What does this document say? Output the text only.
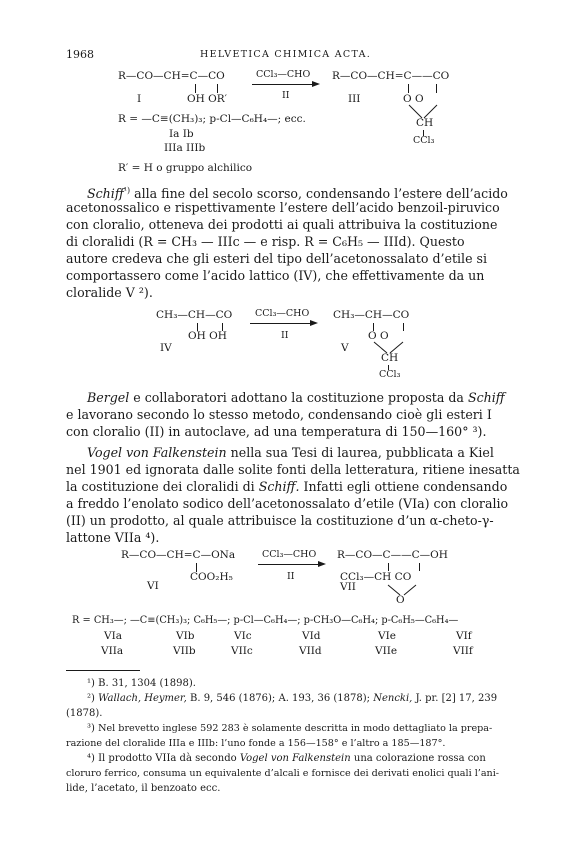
1968	HELVETICA CHIMICA ACTA.
R—CO—CH=C—CO
OH OR′
I
CCl₃—CHO
II
R—CO—CH=C——CO
O O
III
CH
CCl₃
R = —C≡(CH₃)₃; p-Cl—C₆H₄—; ecc.
Ia Ib
IIIa IIIb
R′ = H o gruppo alchilico
Schiff$^{^1)}$ alla fine del secolo scorso, condensando l’estere dell’acido
acetonossalico e rispettivamente l’estere dell’acido benzoil-piruvico
con cloralio, otteneva dei prodotti ai quali attribuiva la costituzione
di cloralidi (R = CH₃ — IIIc — e risp. R = C₆H₅ — IIId). Questo
autore credeva che gli esteri del tipo dell’acetonossalato d’etile si
comportassero come l’acido lattico (IV), che effettivamente da un
cloralide V ²).
CH₃—CH—CO
OH OH
IV
CCl₃—CHO
II
CH₃—CH—CO
O O
V
CH
CCl₃
Bergel e collaboratori adottano la costituzione proposta da Schiff
e lavorano secondo lo stesso metodo, condensando cioè gli esteri I
con cloralio (II) in autoclave, ad una temperatura di 150—160° ³).
Vogel von Falkenstein nella sua Tesi di laurea, pubblicata a Kiel
nel 1901 ed ignorata dalle solite fonti della letteratura, ritiene inesatta
la costituzione dei cloralidi di Schiff. Infatti egli ottiene condensando
a freddo l’enolato sodico dell’acetonossalato d’etile (VIa) con cloralio
(II) un prodotto, al quale attribuisce la costituzione d’un α-cheto-γ-
lattone VIIa ⁴).
R—CO—CH=C—ONa
COO₂H₅
VI
CCl₃—CHO
II
R—CO—C——C—OH
CCl₃—CH CO
VII
O
R = CH₃—; —C≡(CH₃)₃; C₆H₅—; p-Cl—C₆H₄—; p-CH₃O—C₆H₄; p-C₆H₅—C₆H₄—
VIa	VIb	VIc	VId	VIe	VIf
VIIa	VIIb	VIIc	VIId	VIIe	VIIf
¹) B. 31, 1304 (1898).
²) Wallach, Heymer, B. 9, 546 (1876); A. 193, 36 (1878); Nencki, J. pr. [2] 17, 239
(1878).
³) Nel brevetto inglese 592 283 è solamente descritta in modo dettagliato la prepa-
razione del cloralide IIIa e IIIb: l’uno fonde a 156—158° e l’altro a 185—187°.
⁴) Il prodotto VIIa dà secondo Vogel von Falkenstein una colorazione rossa con
cloruro ferrico, consuma un equivalente d’alcali e fornisce dei derivati enolici quali l’ani-
lide, l’acetato, il benzoato ecc.
